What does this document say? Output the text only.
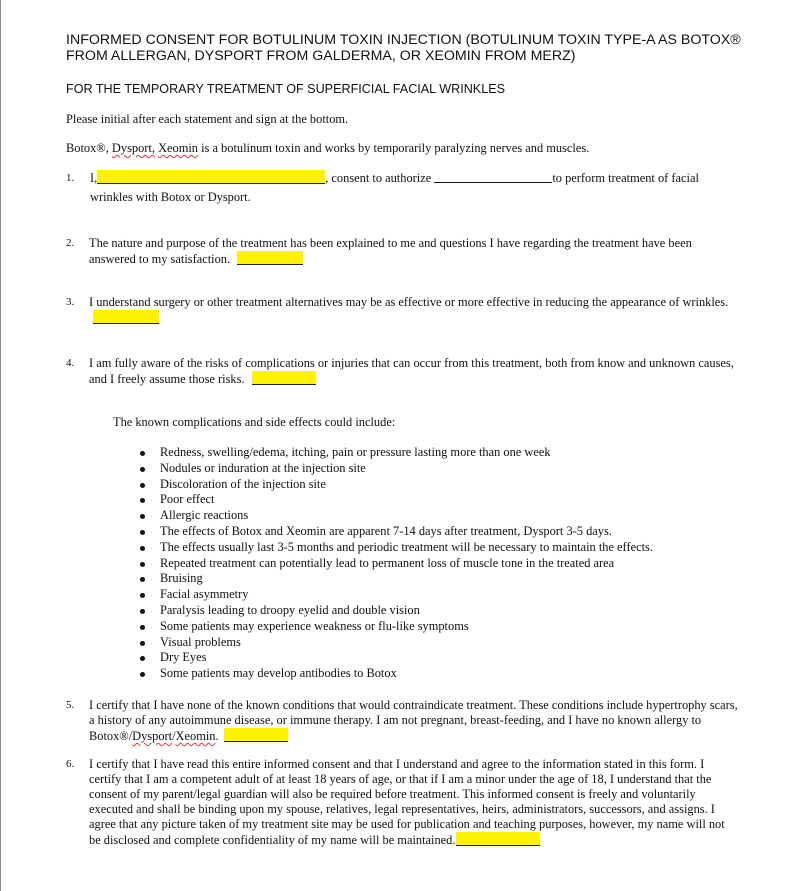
INFORMED CONSENT FOR BOTULINUM TOXIN INJECTION (BOTULINUM TOXIN TYPE-A AS BOTOX® FROM ALLERGAN, DYSPORT FROM GALDERMA, OR XEOMIN FROM MERZ)
FOR THE TEMPORARY TREATMENT OF SUPERFICIAL FACIAL WRINKLES
Please initial after each statement and sign at the bottom.
Botox®, Dysport, Xeomin is a botulinum toxin and works by temporarily paralyzing nerves and muscles.
1. I,	, consent to authorize	to perform treatment of facial
wrinkles with Botox or Dysport.
2. The nature and purpose of the treatment has been explained to me and questions I have regarding the treatment have been answered to my satisfaction.
3. I understand surgery or other treatment alternatives may be as effective or more effective in reducing the appearance of wrinkles.
4. I am fully aware of the risks of complications or injuries that can occur from this treatment, both from know and unknown causes, and I freely assume those risks.
The known complications and side effects could include:
Redness, swelling/edema, itching, pain or pressure lasting more than one week
Nodules or induration at the injection site
Discoloration of the injection site
Poor effect
Allergic reactions
The effects of Botox and Xeomin are apparent 7-14 days after treatment, Dysport 3-5 days.
The effects usually last 3-5 months and periodic treatment will be necessary to maintain the effects.
Repeated treatment can potentially lead to permanent loss of muscle tone in the treated area
Bruising
Facial asymmetry
Paralysis leading to droopy eyelid and double vision
Some patients may experience weakness or flu-like symptoms
Visual problems
Dry Eyes
Some patients may develop antibodies to Botox
5. I certify that I have none of the known conditions that would contraindicate treatment. These conditions include hypertrophy scars, a history of any autoimmune disease, or immune therapy. I am not pregnant, breast-feeding, and I have no known allergy to Botox®/Dysport/Xeomin.
6. I certify that I have read this entire informed consent and that I understand and agree to the information stated in this form. I certify that I am a competent adult of at least 18 years of age, or that if I am a minor under the age of 18, I understand that the consent of my parent/legal guardian will also be required before treatment. This informed consent is freely and voluntarily executed and shall be binding upon my spouse, relatives, legal representatives, heirs, administrators, successors, and assigns. I agree that any picture taken of my treatment site may be used for publication and teaching purposes, however, my name will not be disclosed and complete confidentiality of my name will be maintained.
